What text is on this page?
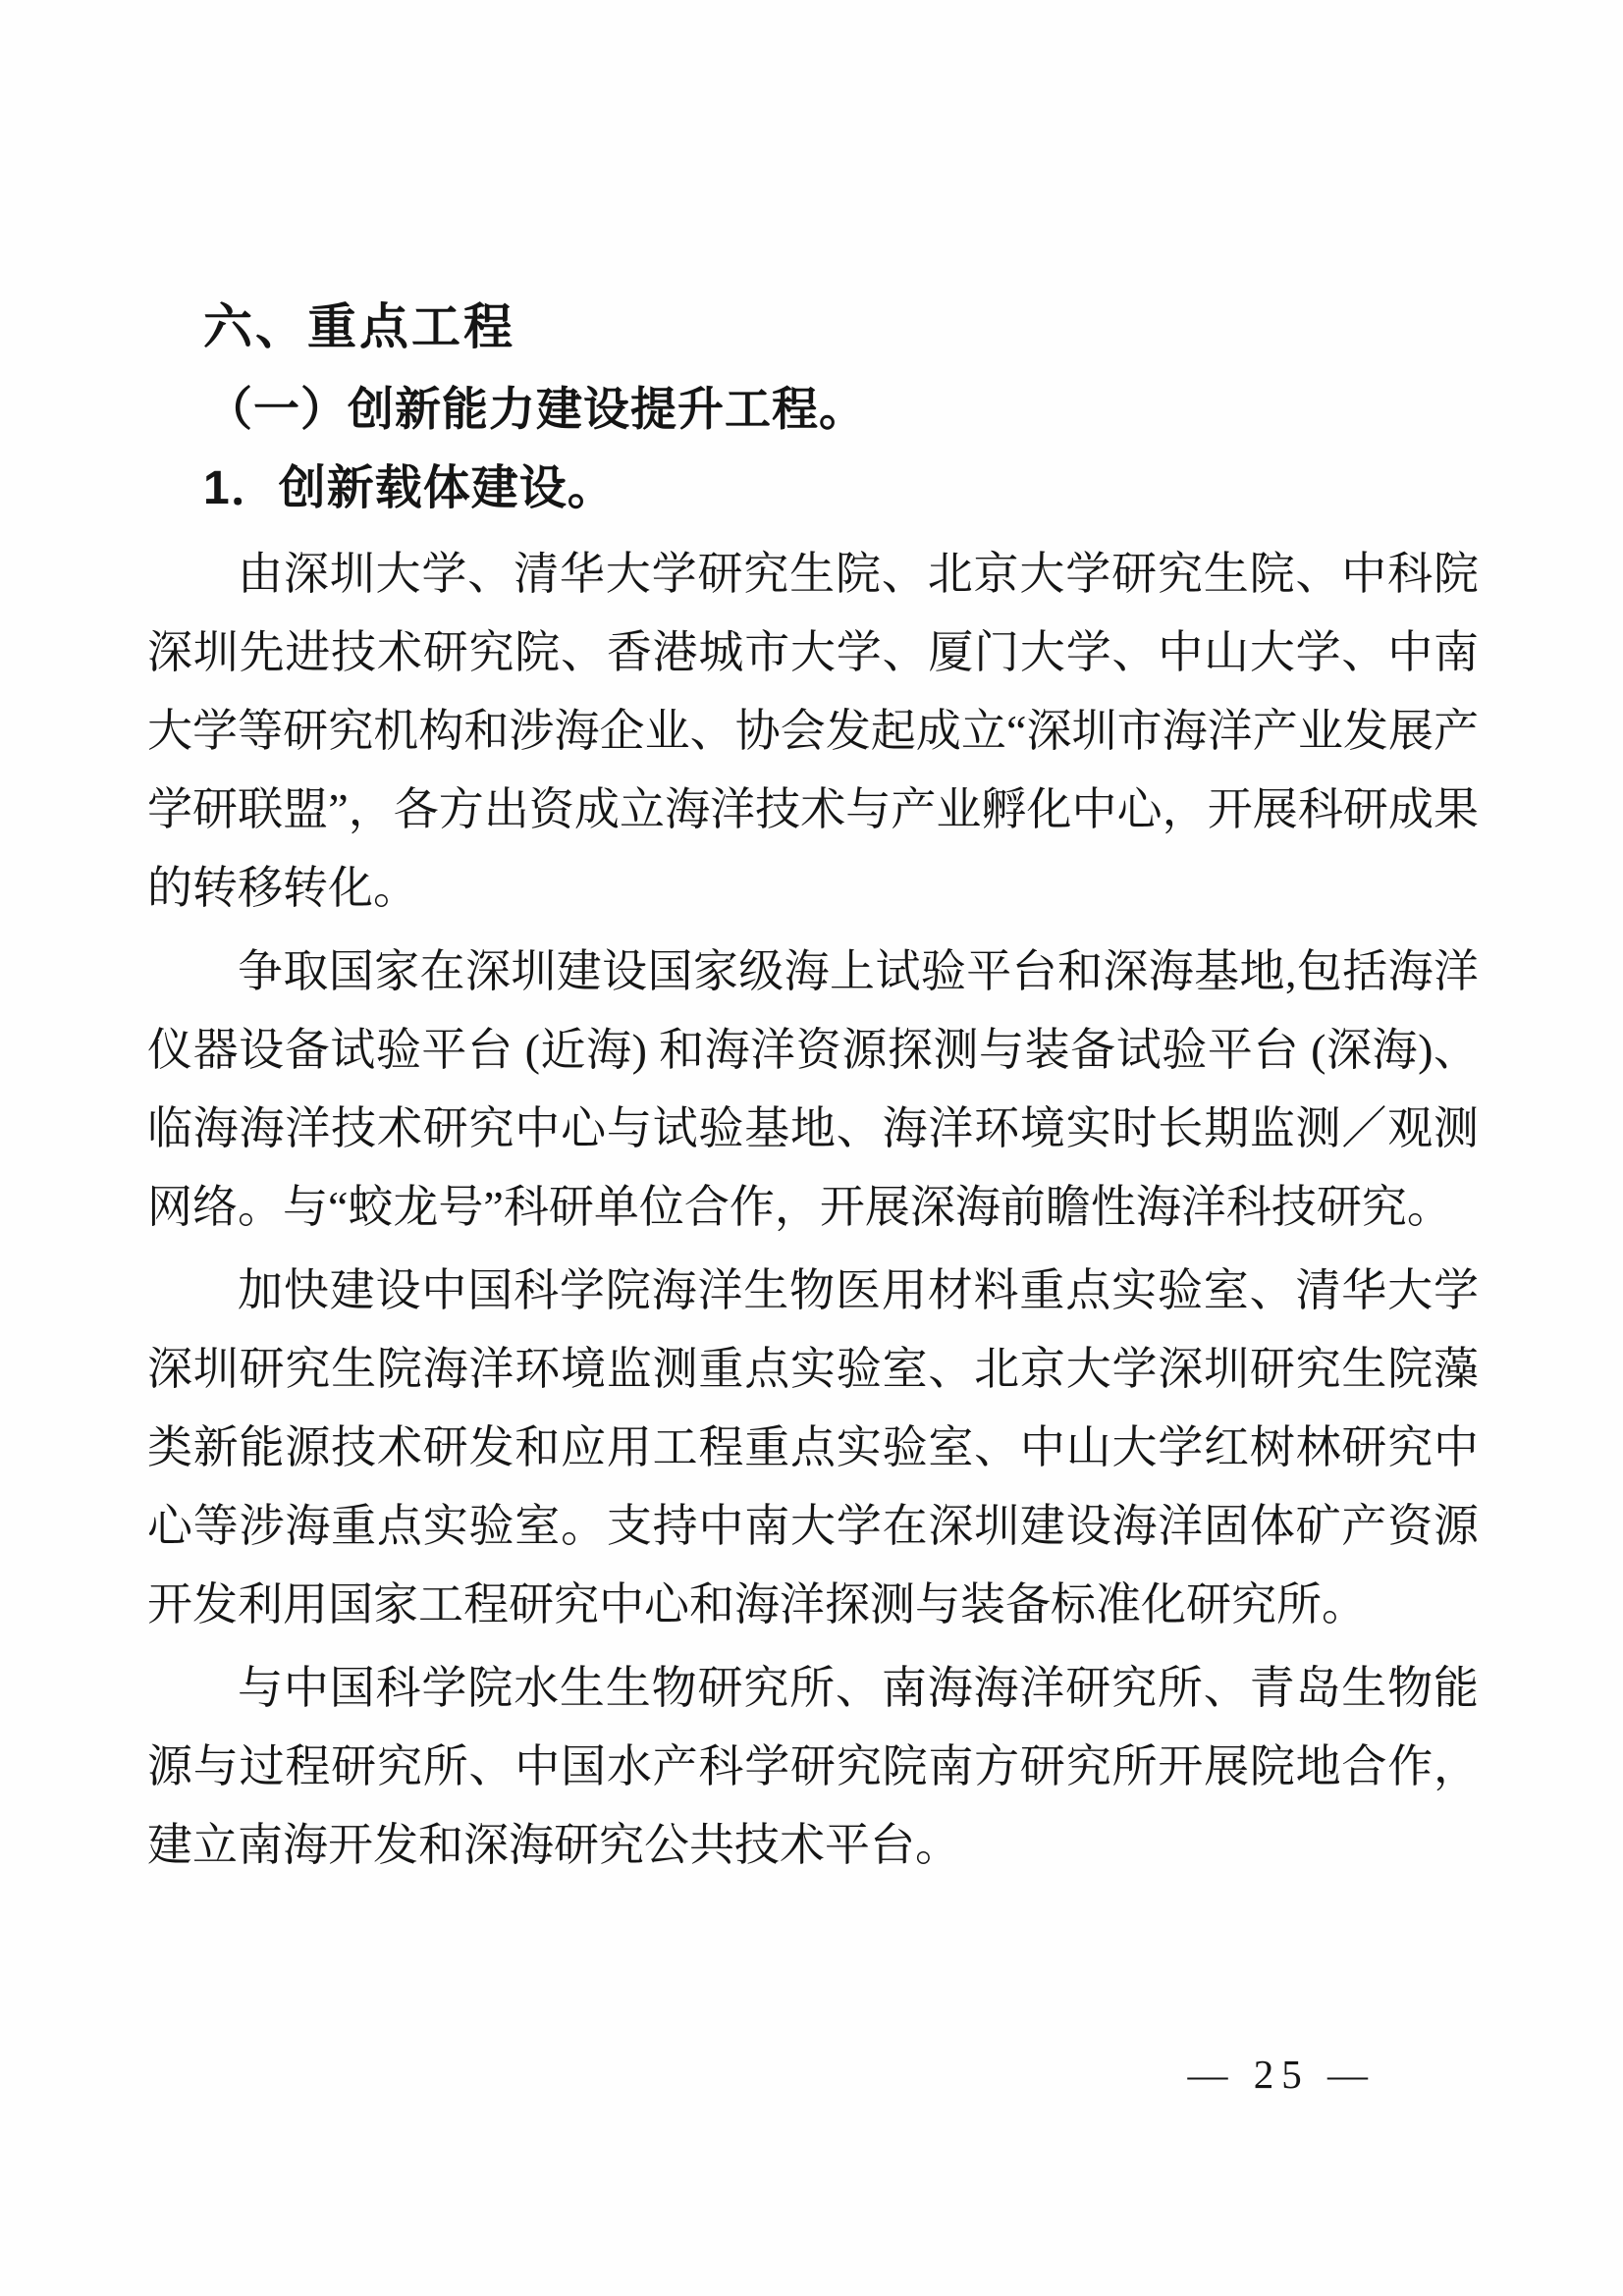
六、重点工程
（一）创新能力建设提升工程。
1．创新载体建设。

由深圳大学、清华大学研究生院、北京大学研究生院、中科院深圳先进技术研究院、香港城市大学、厦门大学、中山大学、中南大学等研究机构和涉海企业、协会发起成立“深圳市海洋产业发展产学研联盟”，各方出资成立海洋技术与产业孵化中心，开展科研成果的转移转化。

争取国家在深圳建设国家级海上试验平台和深海基地,包括海洋仪器设备试验平台 (近海) 和海洋资源探测与装备试验平台 (深海)、临海海洋技术研究中心与试验基地、海洋环境实时长期监测／观测网络。与“蛟龙号”科研单位合作，开展深海前瞻性海洋科技研究。

加快建设中国科学院海洋生物医用材料重点实验室、清华大学深圳研究生院海洋环境监测重点实验室、北京大学深圳研究生院藻类新能源技术研发和应用工程重点实验室、中山大学红树林研究中心等涉海重点实验室。支持中南大学在深圳建设海洋固体矿产资源开发利用国家工程研究中心和海洋探测与装备标准化研究所。

与中国科学院水生生物研究所、南海海洋研究所、青岛生物能源与过程研究所、中国水产科学研究院南方研究所开展院地合作，建立南海开发和深海研究公共技术平台。

— 25 —
